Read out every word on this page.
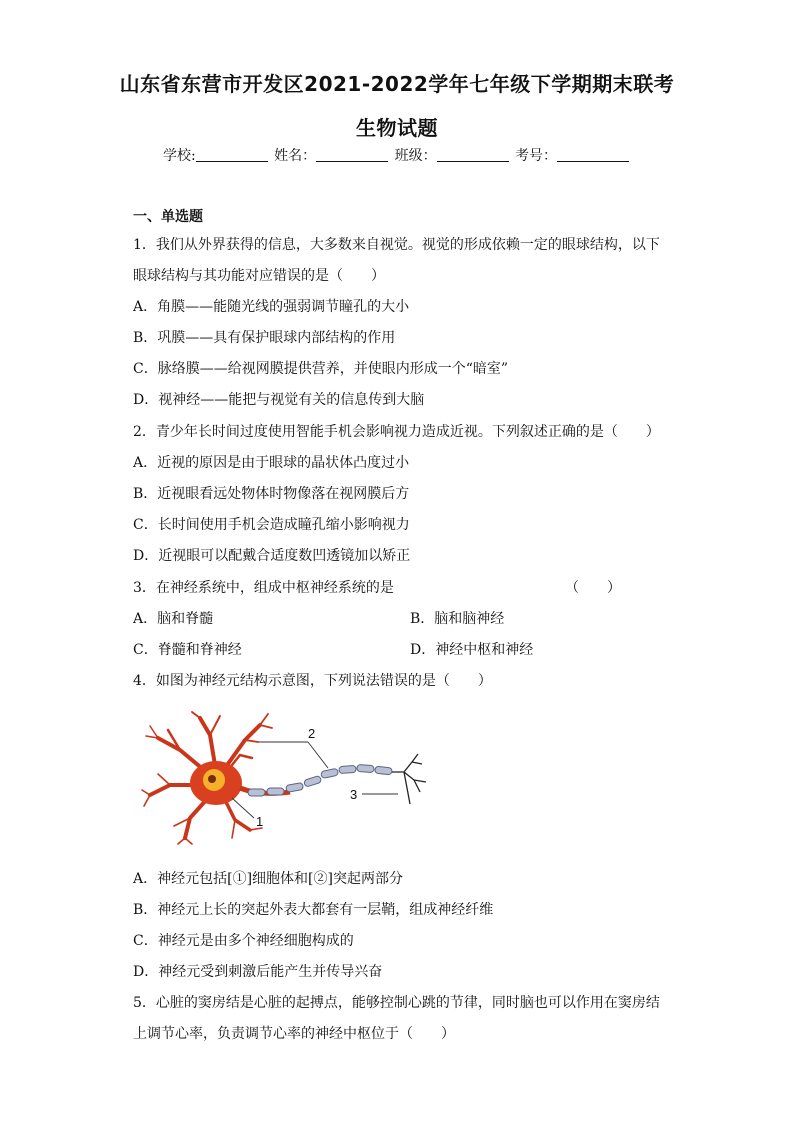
山东省东营市开发区2021-2022学年七年级下学期期末联考
生物试题
学校:	姓名：	班级：	考号：
一、单选题
1．我们从外界获得的信息，大多数来自视觉。视觉的形成依赖一定的眼球结构，以下
眼球结构与其功能对应错误的是（　　）
A．角膜——能随光线的强弱调节瞳孔的大小
B．巩膜——具有保护眼球内部结构的作用
C．脉络膜——给视网膜提供营养，并使眼内形成一个“暗室”
D．视神经——能把与视觉有关的信息传到大脑
2．青少年长时间过度使用智能手机会影响视力造成近视。下列叙述正确的是（　　）
A．近视的原因是由于眼球的晶状体凸度过小
B．近视眼看远处物体时物像落在视网膜后方
C．长时间使用手机会造成瞳孔缩小影响视力
D．近视眼可以配戴合适度数凹透镜加以矫正
3．在神经系统中，组成中枢神经系统的是	（　　）
A．脑和脊髓	B．脑和脑神经
C．脊髓和脊神经	D．神经中枢和神经
4．如图为神经元结构示意图，下列说法错误的是（　　）
2
3
1
A．神经元包括[①]细胞体和[②]突起两部分
B．神经元上长的突起外表大都套有一层鞘，组成神经纤维
C．神经元是由多个神经细胞构成的
D．神经元受到刺激后能产生并传导兴奋
5．心脏的窦房结是心脏的起搏点，能够控制心跳的节律，同时脑也可以作用在窦房结
上调节心率，负责调节心率的神经中枢位于（　　）
